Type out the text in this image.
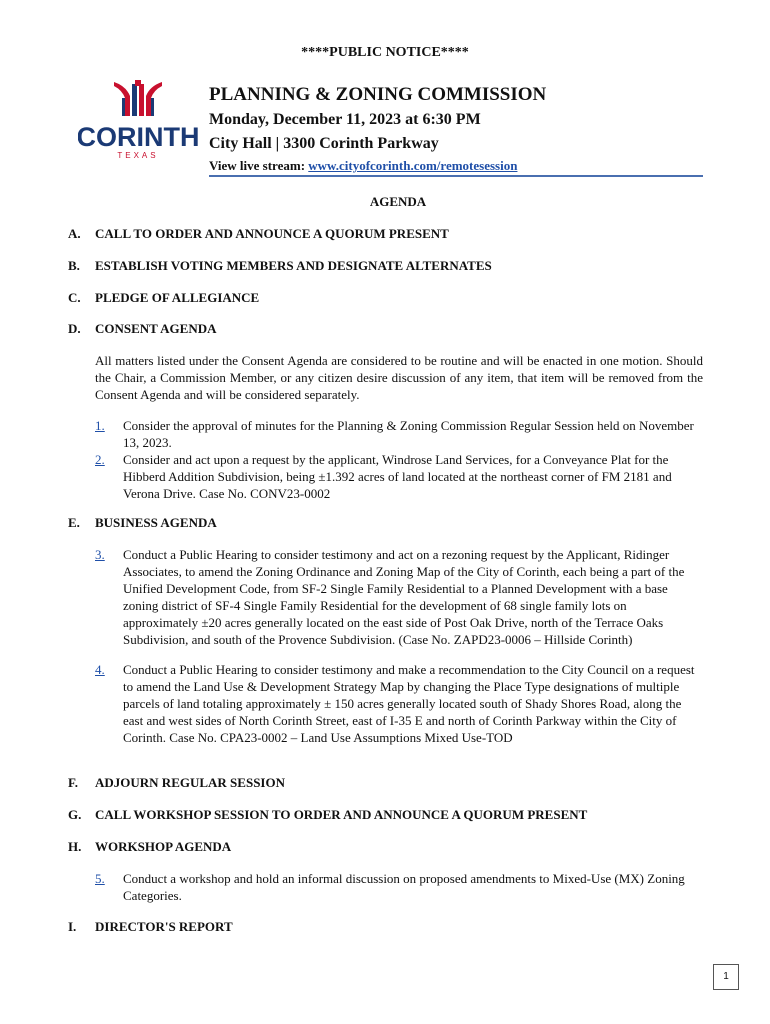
****PUBLIC NOTICE****
CORINTH
TEXAS
PLANNING & ZONING COMMISSION
Monday, December 11, 2023 at 6:30 PM
City Hall | 3300 Corinth Parkway
View live stream: www.cityofcorinth.com/remotesession
AGENDA
A. CALL TO ORDER AND ANNOUNCE A QUORUM PRESENT
B. ESTABLISH VOTING MEMBERS AND DESIGNATE ALTERNATES
C. PLEDGE OF ALLEGIANCE
D. CONSENT AGENDA
All matters listed under the Consent Agenda are considered to be routine and will be enacted in one motion. Should the Chair, a Commission Member, or any citizen desire discussion of any item, that item will be removed from the Consent Agenda and will be considered separately.
1. Consider the approval of minutes for the Planning & Zoning Commission Regular Session held on November 13, 2023.
2. Consider and act upon a request by the applicant, Windrose Land Services, for a Conveyance Plat for the Hibberd Addition Subdivision, being ±1.392 acres of land located at the northeast corner of FM 2181 and Verona Drive. Case No. CONV23-0002
E. BUSINESS AGENDA
3. Conduct a Public Hearing to consider testimony and act on a rezoning request by the Applicant, Ridinger Associates, to amend the Zoning Ordinance and Zoning Map of the City of Corinth, each being a part of the Unified Development Code, from SF-2 Single Family Residential to a Planned Development with a base zoning district of SF-4 Single Family Residential for the development of 68 single family lots on approximately ±20 acres generally located on the east side of Post Oak Drive, north of the Terrace Oaks Subdivision, and south of the Provence Subdivision. (Case No. ZAPD23-0006 – Hillside Corinth)
4. Conduct a Public Hearing to consider testimony and make a recommendation to the City Council on a request to amend the Land Use & Development Strategy Map by changing the Place Type designations of multiple parcels of land totaling approximately ± 150 acres generally located south of Shady Shores Road, along the east and west sides of North Corinth Street, east of I-35 E and north of Corinth Parkway within the City of Corinth. Case No. CPA23-0002 – Land Use Assumptions Mixed Use-TOD
F. ADJOURN REGULAR SESSION
G. CALL WORKSHOP SESSION TO ORDER AND ANNOUNCE A QUORUM PRESENT
H. WORKSHOP AGENDA
5. Conduct a workshop and hold an informal discussion on proposed amendments to Mixed-Use (MX) Zoning Categories.
I. DIRECTOR'S REPORT
1
